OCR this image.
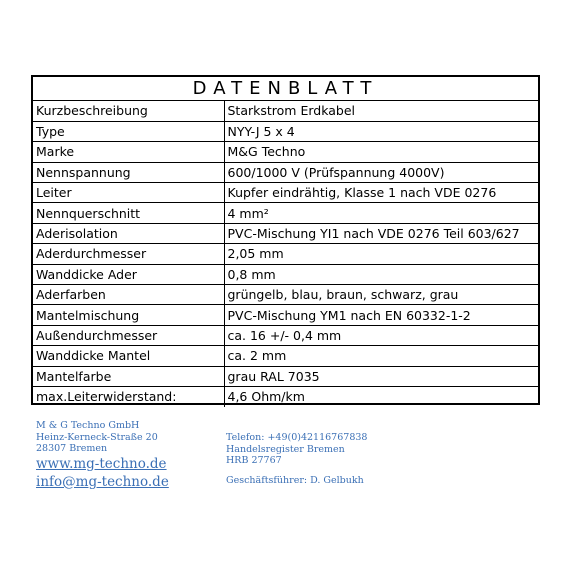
DATENBLATT
Kurzbeschreibung	Starkstrom Erdkabel
Type	NYY-J 5 x 4
Marke	M&G Techno
Nennspannung	600/1000 V (Prüfspannung 4000V)
Leiter	Kupfer eindrähtig, Klasse 1 nach VDE 0276
Nennquerschnitt	4 mm²
Aderisolation	PVC-Mischung YI1 nach VDE 0276 Teil 603/627
Aderdurchmesser	2,05 mm
Wanddicke Ader	0,8 mm
Aderfarben	grüngelb, blau, braun, schwarz, grau
Mantelmischung	PVC-Mischung YM1 nach EN 60332-1-2
Außendurchmesser	ca. 16 +/- 0,4 mm
Wanddicke Mantel	ca. 2 mm
Mantelfarbe	grau RAL 7035
max.Leiterwiderstand:	4,6 Ohm/km
M & G Techno GmbH
Heinz-Kerneck-Straße 20
28307 Bremen
www.mg-techno.de
info@mg-techno.de
Telefon: +49(0)42116767838
Handelsregister Bremen
HRB 27767
Geschäftsführer: D. Gelbukh
